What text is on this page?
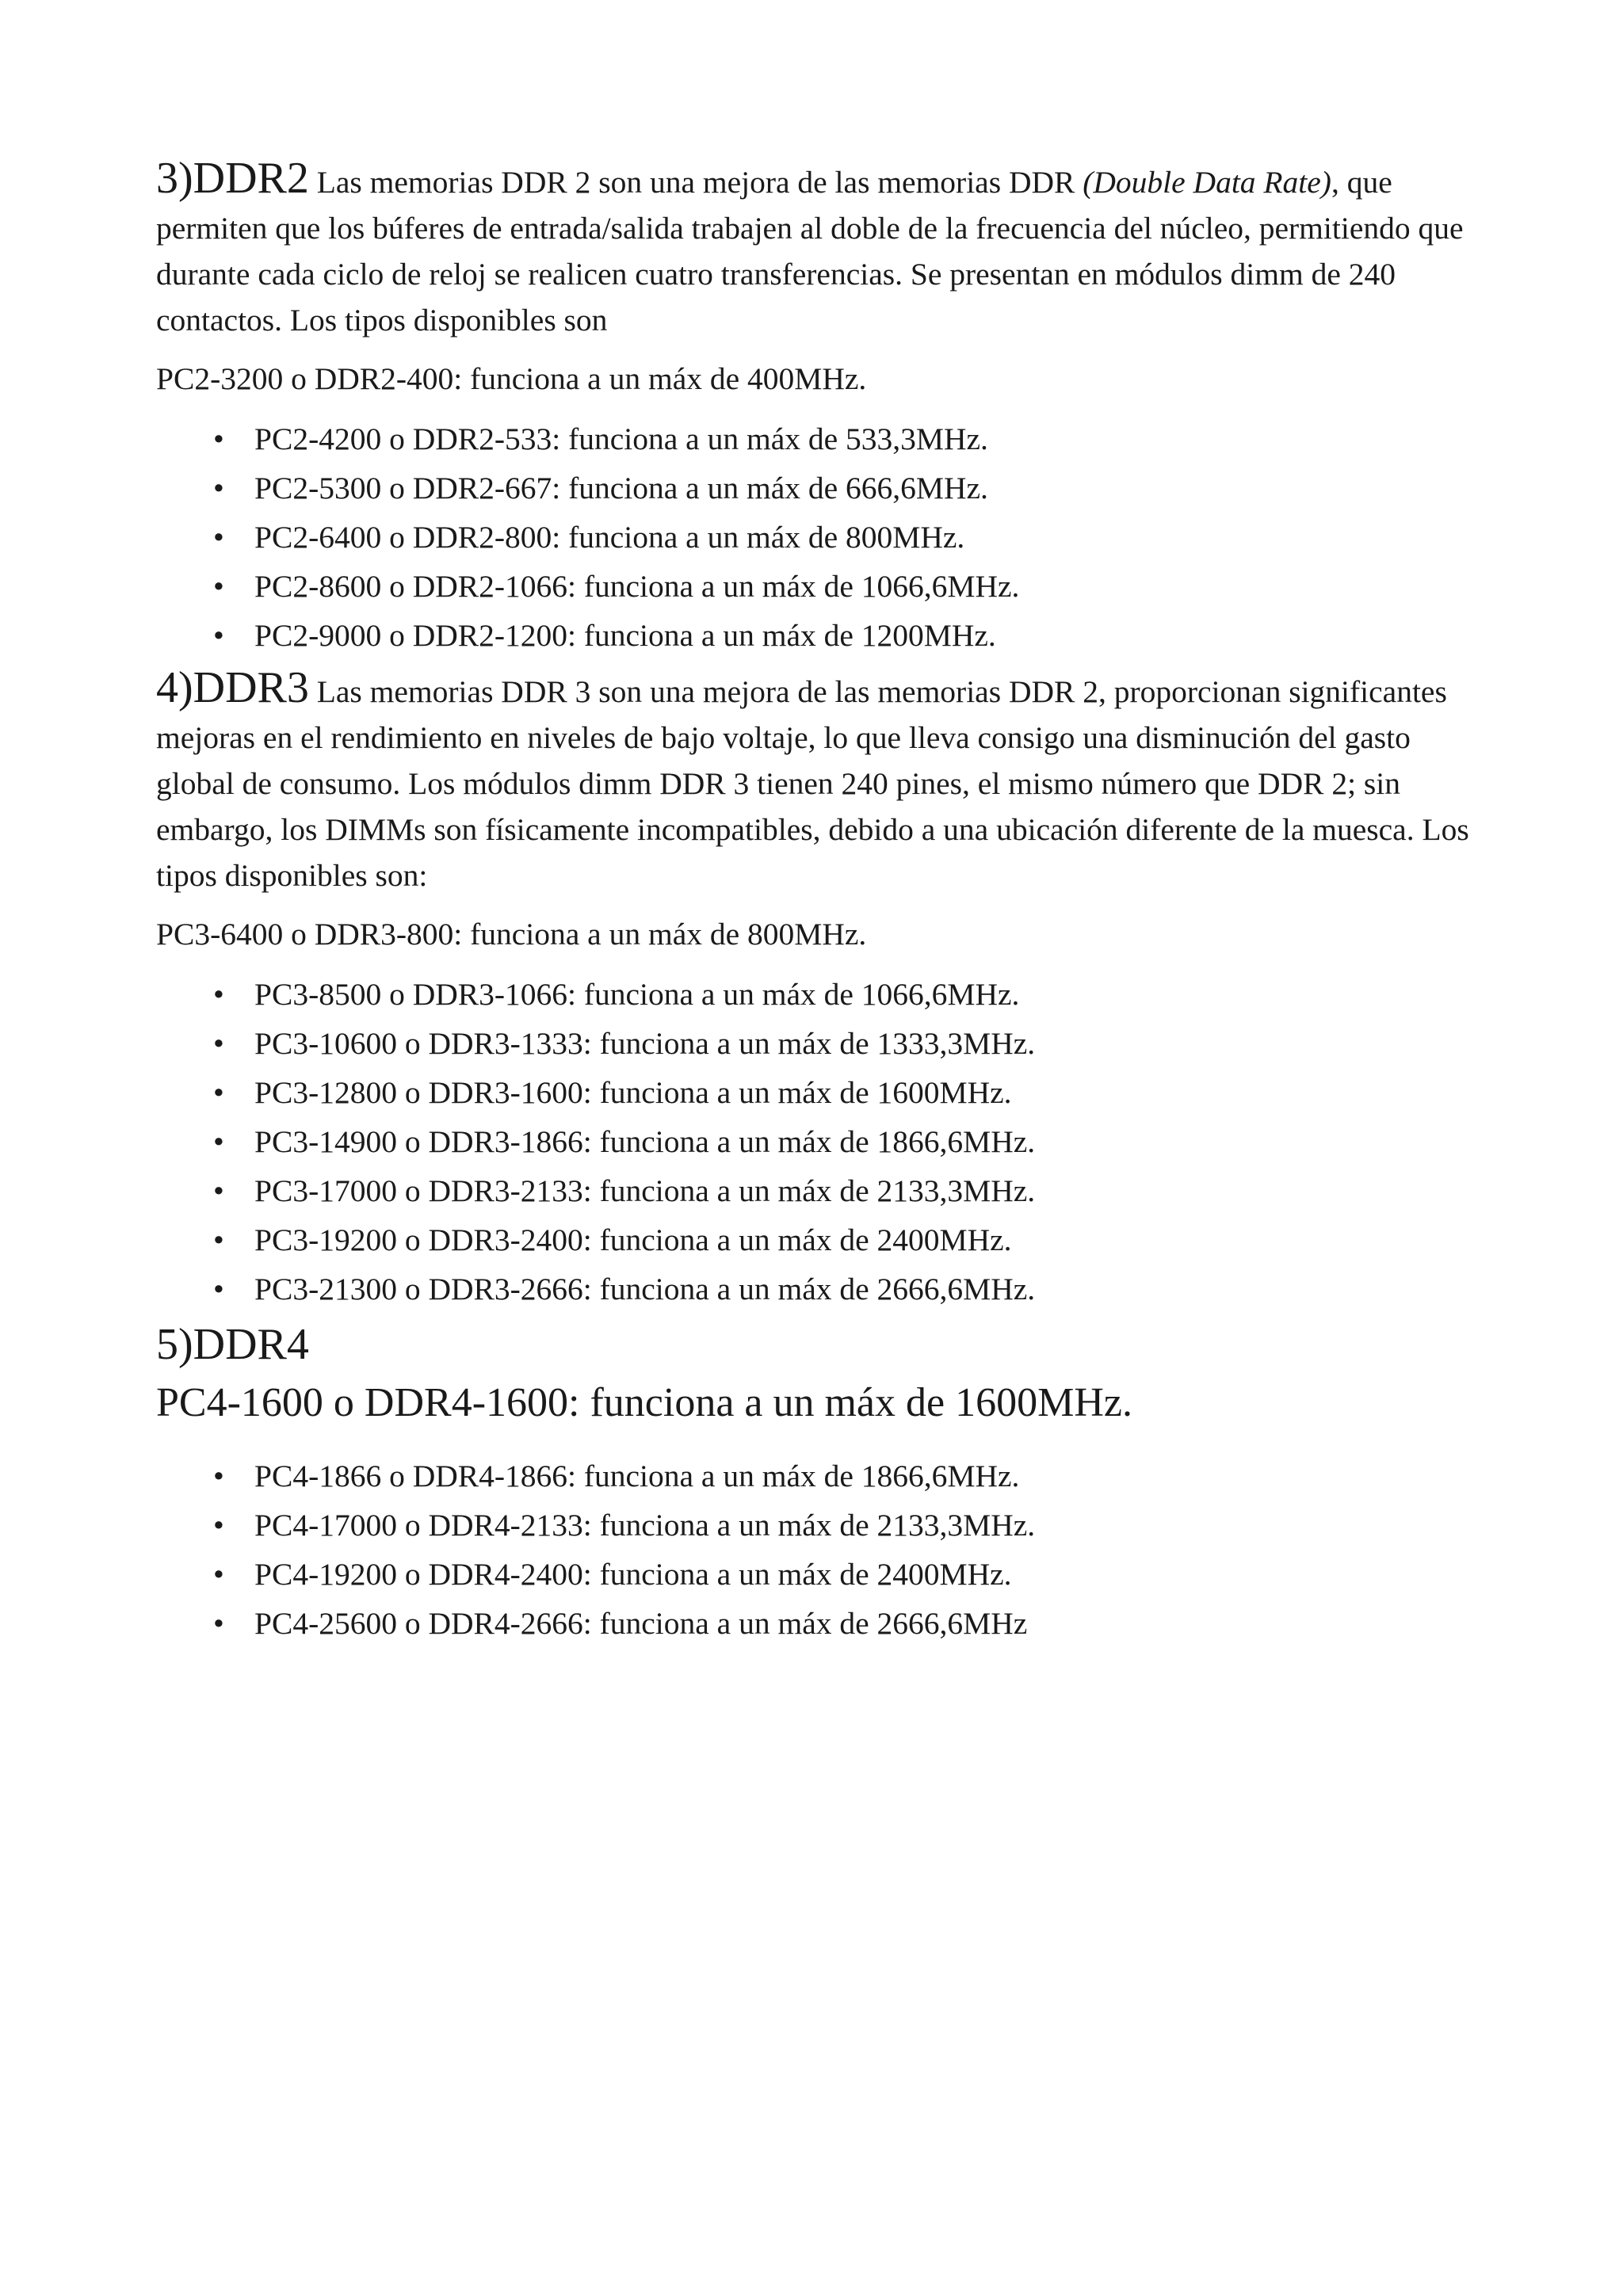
3)DDR2 Las memorias DDR 2 son una mejora de las memorias DDR (Double Data Rate), que permiten que los búferes de entrada/salida trabajen al doble de la frecuencia del núcleo, permitiendo que durante cada ciclo de reloj se realicen cuatro transferencias. Se presentan en módulos dimm de 240 contactos. Los tipos disponibles son

PC2-3200 o DDR2-400: funciona a un máx de 400MHz.

• PC2-4200 o DDR2-533: funciona a un máx de 533,3MHz.
• PC2-5300 o DDR2-667: funciona a un máx de 666,6MHz.
• PC2-6400 o DDR2-800: funciona a un máx de 800MHz.
• PC2-8600 o DDR2-1066: funciona a un máx de 1066,6MHz.
• PC2-9000 o DDR2-1200: funciona a un máx de 1200MHz.

4)DDR3 Las memorias DDR 3 son una mejora de las memorias DDR 2, proporcionan significantes mejoras en el rendimiento en niveles de bajo voltaje, lo que lleva consigo una disminución del gasto global de consumo. Los módulos dimm DDR 3 tienen 240 pines, el mismo número que DDR 2; sin embargo, los DIMMs son físicamente incompatibles, debido a una ubicación diferente de la muesca. Los tipos disponibles son:

PC3-6400 o DDR3-800: funciona a un máx de 800MHz.

• PC3-8500 o DDR3-1066: funciona a un máx de 1066,6MHz.
• PC3-10600 o DDR3-1333: funciona a un máx de 1333,3MHz.
• PC3-12800 o DDR3-1600: funciona a un máx de 1600MHz.
• PC3-14900 o DDR3-1866: funciona a un máx de 1866,6MHz.
• PC3-17000 o DDR3-2133: funciona a un máx de 2133,3MHz.
• PC3-19200 o DDR3-2400: funciona a un máx de 2400MHz.
• PC3-21300 o DDR3-2666: funciona a un máx de 2666,6MHz.

5)DDR4

PC4-1600 o DDR4-1600: funciona a un máx de 1600MHz.

• PC4-1866 o DDR4-1866: funciona a un máx de 1866,6MHz.
• PC4-17000 o DDR4-2133: funciona a un máx de 2133,3MHz.
• PC4-19200 o DDR4-2400: funciona a un máx de 2400MHz.
• PC4-25600 o DDR4-2666: funciona a un máx de 2666,6MHz
